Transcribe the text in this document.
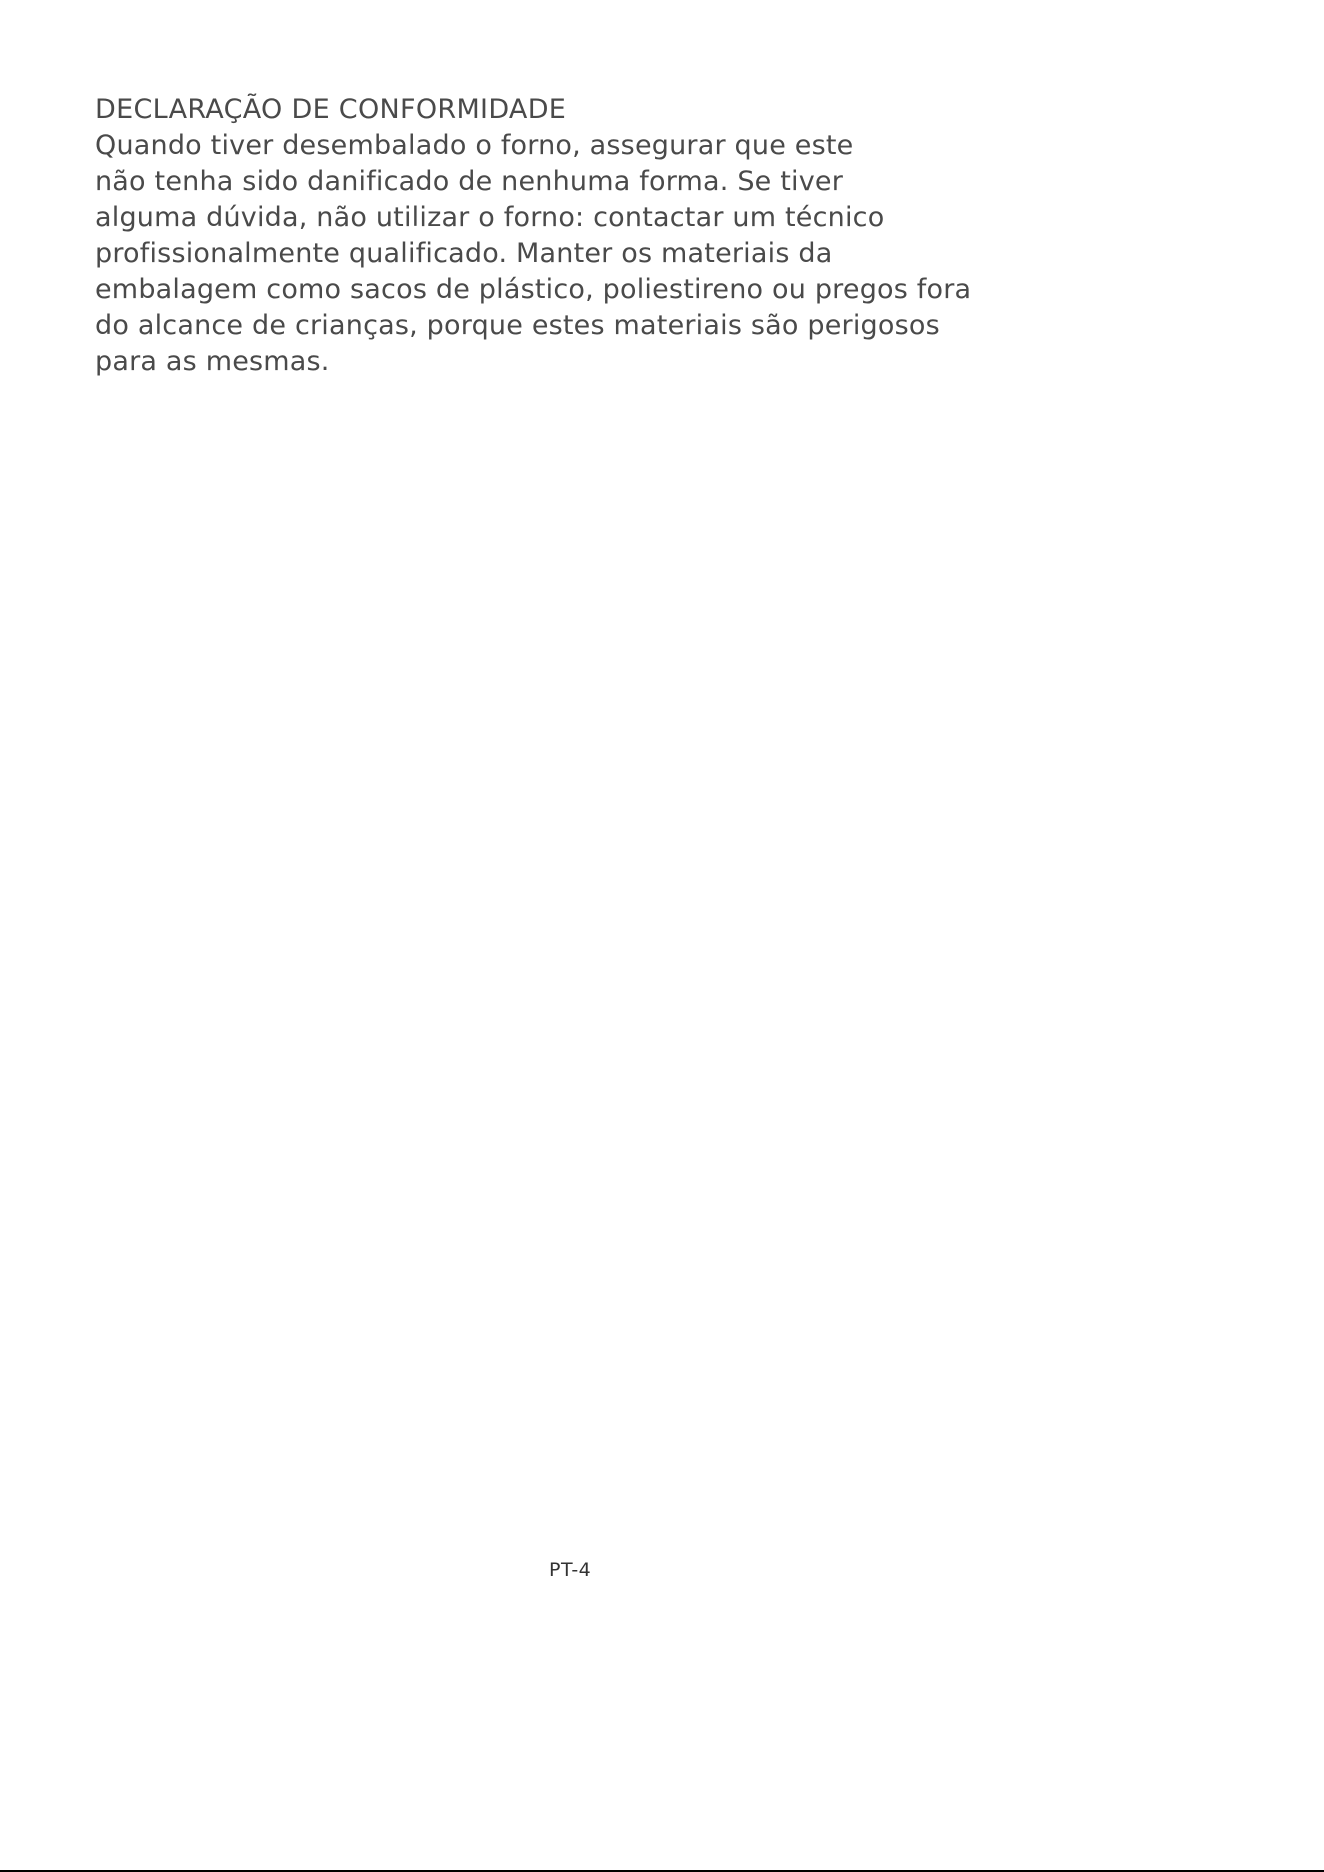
DECLARAÇÃO DE CONFORMIDADE

Quando tiver desembalado o forno, assegurar que este
não tenha sido danificado de nenhuma forma. Se tiver
alguma dúvida, não utilizar o forno: contactar um técnico
profissionalmente qualificado. Manter os materiais da
embalagem como sacos de plástico, poliestireno ou pregos fora
do alcance de crianças, porque estes materiais são perigosos
para as mesmas.

PT-4
